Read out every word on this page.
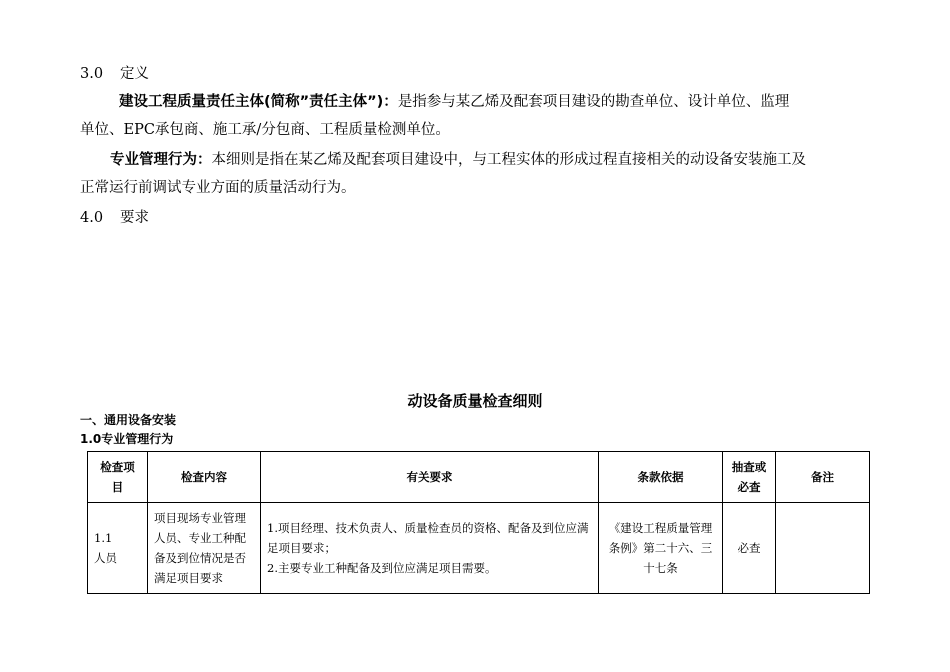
3.0 定义
建设工程质量责任主体(简称”责任主体”)：是指参与某乙烯及配套项目建设的勘查单位、设计单位、监理
单位、EPC承包商、施工承/分包商、工程质量检测单位。
专业管理行为：本细则是指在某乙烯及配套项目建设中，与工程实体的形成过程直接相关的动设备安装施工及
正常运行前调试专业方面的质量活动行为。
4.0 要求
动设备质量检查细则
一、通用设备安装
1.0专业管理行为
检查项目	检查内容	有关要求	条款依据	抽查或必查	备注

1.1
人员	项目现场专业管理人员、专业工种配备及到位情况是否满足项目要求	1.项目经理、技术负责人、质量检查员的资格、配备及到位应满足项目要求；
2.主要专业工种配备及到位应满足项目需要。	《建设工程质量管理条例》第二十六、三十七条	必查	
